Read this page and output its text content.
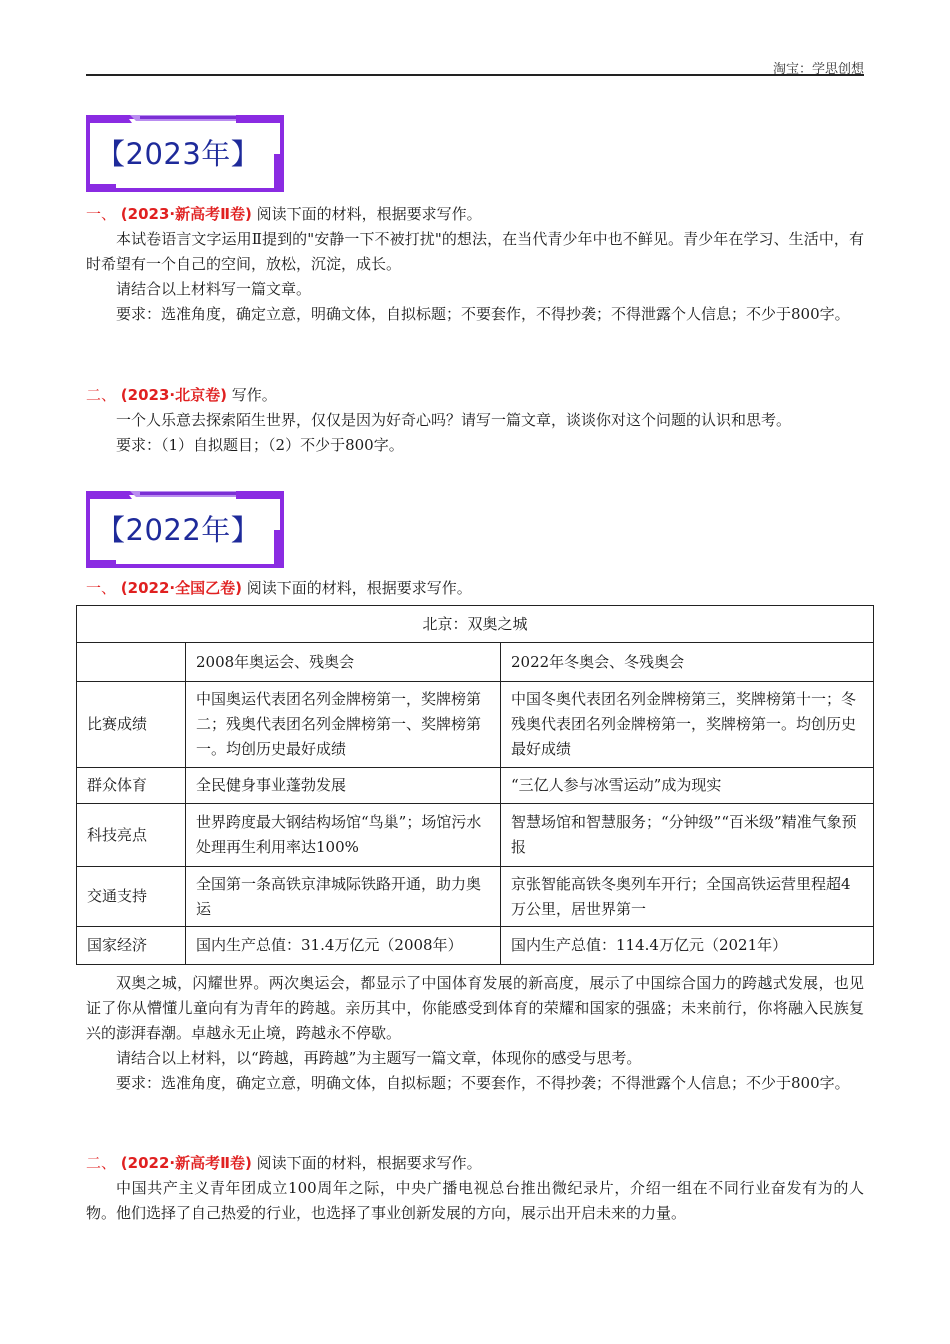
淘宝：学思创想
【2023年】
一、 (2023·新高考Ⅱ卷) 阅读下面的材料，根据要求写作。

本试卷语言文字运用Ⅱ提到的"安静一下不被打扰"的想法，在当代青少年中也不鲜见。青少年在学习、生活中，有时希望有一个自己的空间，放松，沉淀，成长。

请结合以上材料写一篇文章。

要求：选准角度，确定立意，明确文体，自拟标题；不要套作，不得抄袭；不得泄露个人信息；不少于800字。

二、 (2023·北京卷) 写作。

一个人乐意去探索陌生世界，仅仅是因为好奇心吗？请写一篇文章，谈谈你对这个问题的认识和思考。

要求：（1）自拟题目；（2）不少于800字。

【2022年】
一、 (2022·全国乙卷) 阅读下面的材料，根据要求写作。
北京：双奥之城		
	2008年奥运会、残奥会	2022年冬奥会、冬残奥会
比赛成绩	中国奥运代表团名列金牌榜第一，奖牌榜第二；残奥代表团名列金牌榜第一、奖牌榜第一。均创历史最好成绩	中国冬奥代表团名列金牌榜第三，奖牌榜第十一；冬残奥代表团名列金牌榜第一，奖牌榜第一。均创历史最好成绩
群众体育	全民健身事业蓬勃发展	“三亿人参与冰雪运动”成为现实
科技亮点	世界跨度最大钢结构场馆“鸟巢”；场馆污水处理再生利用率达100%	智慧场馆和智慧服务；“分钟级”“百米级”精准气象预报
交通支持	全国第一条高铁京津城际铁路开通，助力奥运	京张智能高铁冬奥列车开行；全国高铁运营里程超4万公里，居世界第一
国家经济	国内生产总值：31.4万亿元（2008年）	国内生产总值：114.4万亿元（2021年）

双奥之城，闪耀世界。两次奥运会，都显示了中国体育发展的新高度，展示了中国综合国力的跨越式发展，也见证了你从懵懂儿童向有为青年的跨越。亲历其中，你能感受到体育的荣耀和国家的强盛；未来前行，你将融入民族复兴的澎湃春潮。卓越永无止境，跨越永不停歇。

请结合以上材料，以“跨越，再跨越”为主题写一篇文章，体现你的感受与思考。

要求：选准角度，确定立意，明确文体，自拟标题；不要套作，不得抄袭；不得泄露个人信息；不少于800字。

二、 (2022·新高考Ⅱ卷) 阅读下面的材料，根据要求写作。

中国共产主义青年团成立100周年之际，中央广播电视总台推出微纪录片，介绍一组在不同行业奋发有为的人物。他们选择了自己热爱的行业，也选择了事业创新发展的方向，展示出开启未来的力量。
